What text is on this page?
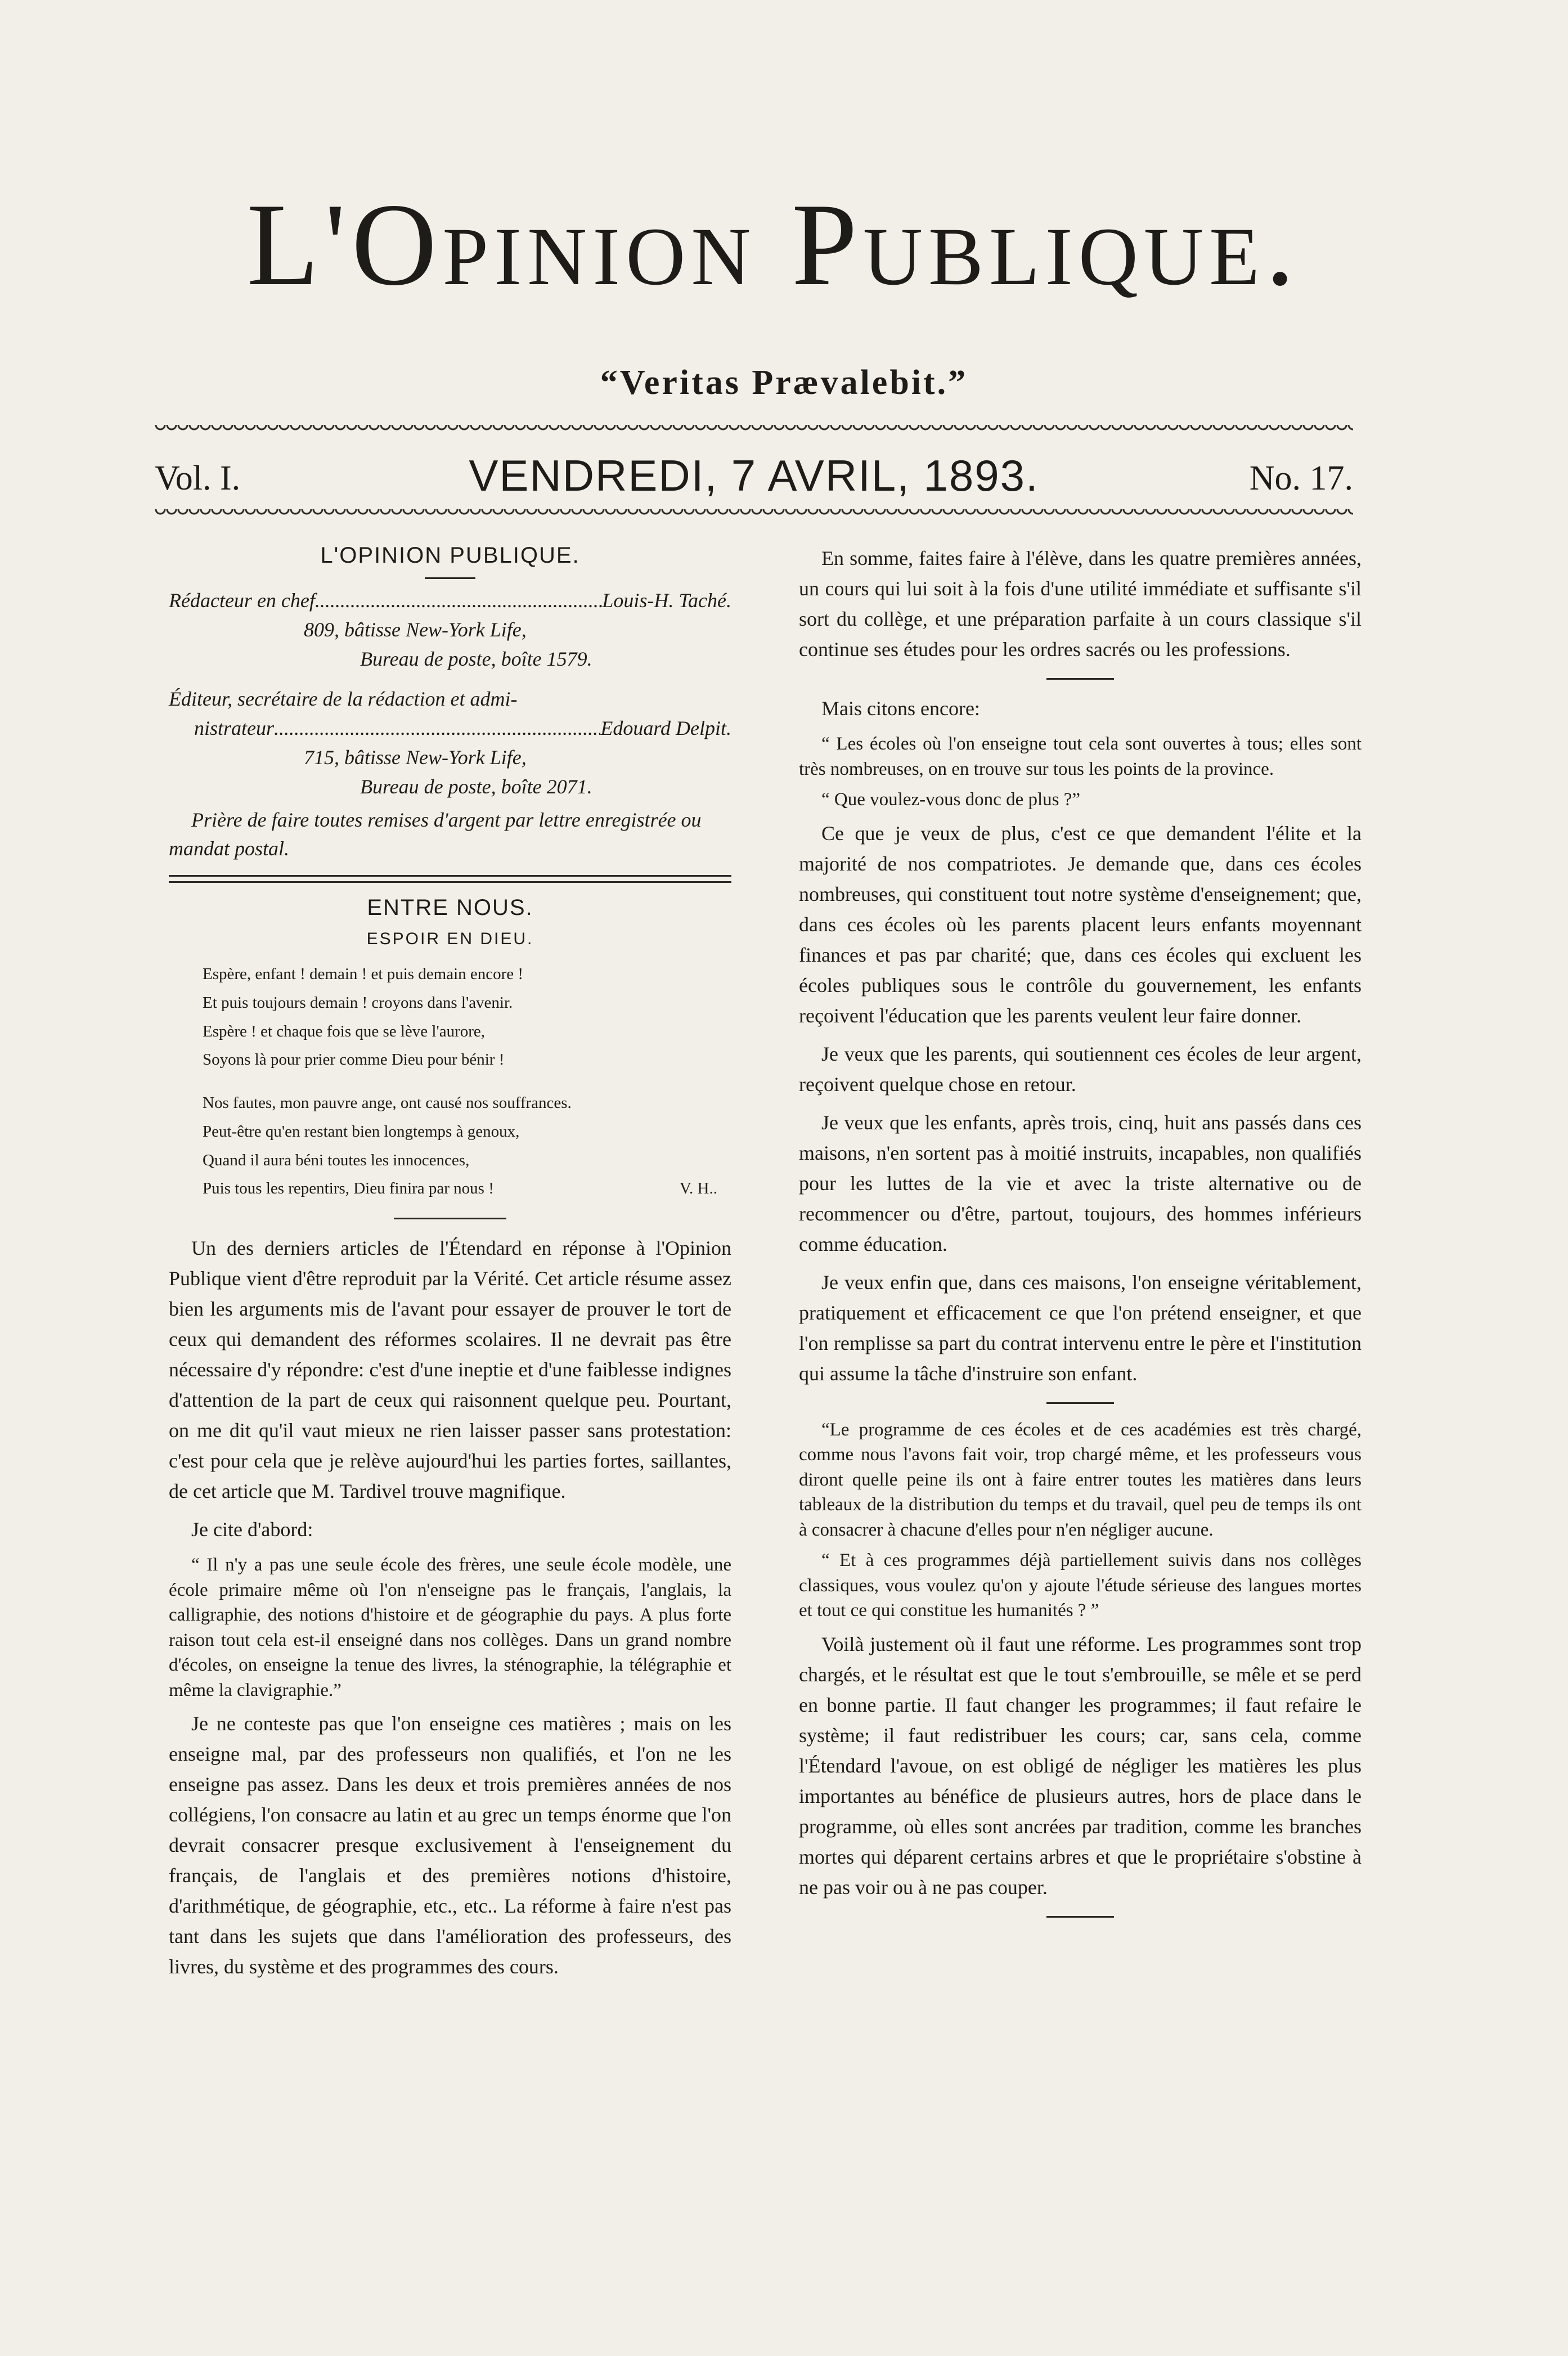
L'Opinion Publique.
“Veritas Prævalebit.”
Vol. I.	VENDREDI, 7 AVRIL, 1893.	No. 17.
L'OPINION PUBLIQUE.
Rédacteur en chef .....	Louis-H. Taché.
809, bâtisse New-York Life,
Bureau de poste, boîte 1579.

Éditeur, secrétaire de la rédaction et admi-
nistrateur .....	Edouard Delpit.
715, bâtisse New-York Life,
Bureau de poste, boîte 2071.
Prière de faire toutes remises d'argent par lettre enregistrée ou mandat postal.
ENTRE NOUS.
ESPOIR EN DIEU.
Espère, enfant ! demain ! et puis demain encore !
Et puis toujours demain ! croyons dans l'avenir.
Espère ! et chaque fois que se lève l'aurore,
Soyons là pour prier comme Dieu pour bénir !
Nos fautes, mon pauvre ange, ont causé nos souffrances.
Peut-être qu'en restant bien longtemps à genoux,
Quand il aura béni toutes les innocences,
Puis tous les repentirs, Dieu finira par nous !	V. H..

Un des derniers articles de l'Étendard en réponse à l'Opinion Publique vient d'être reproduit par la Vérité. Cet article résume assez bien les arguments mis de l'avant pour essayer de prouver le tort de ceux qui demandent des réformes scolaires. Il ne devrait pas être nécessaire d'y répondre: c'est d'une ineptie et d'une faiblesse indignes d'attention de la part de ceux qui raisonnent quelque peu. Pourtant, on me dit qu'il vaut mieux ne rien laisser passer sans protestation: c'est pour cela que je relève aujourd'hui les parties fortes, saillantes, de cet article que M. Tardivel trouve magnifique.

Je cite d'abord:

“ Il n'y a pas une seule école des frères, une seule école modèle, une école primaire même où l'on n'enseigne pas le français, l'anglais, la calligraphie, des notions d'histoire et de géographie du pays. A plus forte raison tout cela est-il enseigné dans nos collèges. Dans un grand nombre d'écoles, on enseigne la tenue des livres, la sténographie, la télégraphie et même la clavigraphie.”

Je ne conteste pas que l'on enseigne ces matières ; mais on les enseigne mal, par des professeurs non qualifiés, et l'on ne les enseigne pas assez. Dans les deux et trois premières années de nos collégiens, l'on consacre au latin et au grec un temps énorme que l'on devrait consacrer presque exclusivement à l'enseignement du français, de l'anglais et des premières notions d'histoire, d'arithmétique, de géographie, etc., etc.. La réforme à faire n'est pas tant dans les sujets que dans l'amélioration des professeurs, des livres, du système et des programmes des cours.

En somme, faites faire à l'élève, dans les quatre premières années, un cours qui lui soit à la fois d'une utilité immédiate et suffisante s'il sort du collège, et une préparation parfaite à un cours classique s'il continue ses études pour les ordres sacrés ou les professions.

Mais citons encore:

“ Les écoles où l'on enseigne tout cela sont ouvertes à tous; elles sont très nombreuses, on en trouve sur tous les points de la province.

“ Que voulez-vous donc de plus ?”

Ce que je veux de plus, c'est ce que demandent l'élite et la majorité de nos compatriotes. Je demande que, dans ces écoles nombreuses, qui constituent tout notre système d'enseignement; que, dans ces écoles où les parents placent leurs enfants moyennant finances et pas par charité; que, dans ces écoles qui excluent les écoles publiques sous le contrôle du gouvernement, les enfants reçoivent l'éducation que les parents veulent leur faire donner.

Je veux que les parents, qui soutiennent ces écoles de leur argent, reçoivent quelque chose en retour.

Je veux que les enfants, après trois, cinq, huit ans passés dans ces maisons, n'en sortent pas à moitié instruits, incapables, non qualifiés pour les luttes de la vie et avec la triste alternative ou de recommencer ou d'être, partout, toujours, des hommes inférieurs comme éducation.

Je veux enfin que, dans ces maisons, l'on enseigne véritablement, pratiquement et efficacement ce que l'on prétend enseigner, et que l'on remplisse sa part du contrat intervenu entre le père et l'institution qui assume la tâche d'instruire son enfant.

“Le programme de ces écoles et de ces académies est très chargé, comme nous l'avons fait voir, trop chargé même, et les professeurs vous diront quelle peine ils ont à faire entrer toutes les matières dans leurs tableaux de la distribution du temps et du travail, quel peu de temps ils ont à consacrer à chacune d'elles pour n'en négliger aucune.

“ Et à ces programmes déjà partiellement suivis dans nos collèges classiques, vous voulez qu'on y ajoute l'étude sérieuse des langues mortes et tout ce qui constitue les humanités ? ”

Voilà justement où il faut une réforme. Les programmes sont trop chargés, et le résultat est que le tout s'embrouille, se mêle et se perd en bonne partie. Il faut changer les programmes; il faut refaire le système; il faut redistribuer les cours; car, sans cela, comme l'Étendard l'avoue, on est obligé de négliger les matières les plus importantes au bénéfice de plusieurs autres, hors de place dans le programme, où elles sont ancrées par tradition, comme les branches mortes qui déparent certains arbres et que le propriétaire s'obstine à ne pas voir ou à ne pas couper.
